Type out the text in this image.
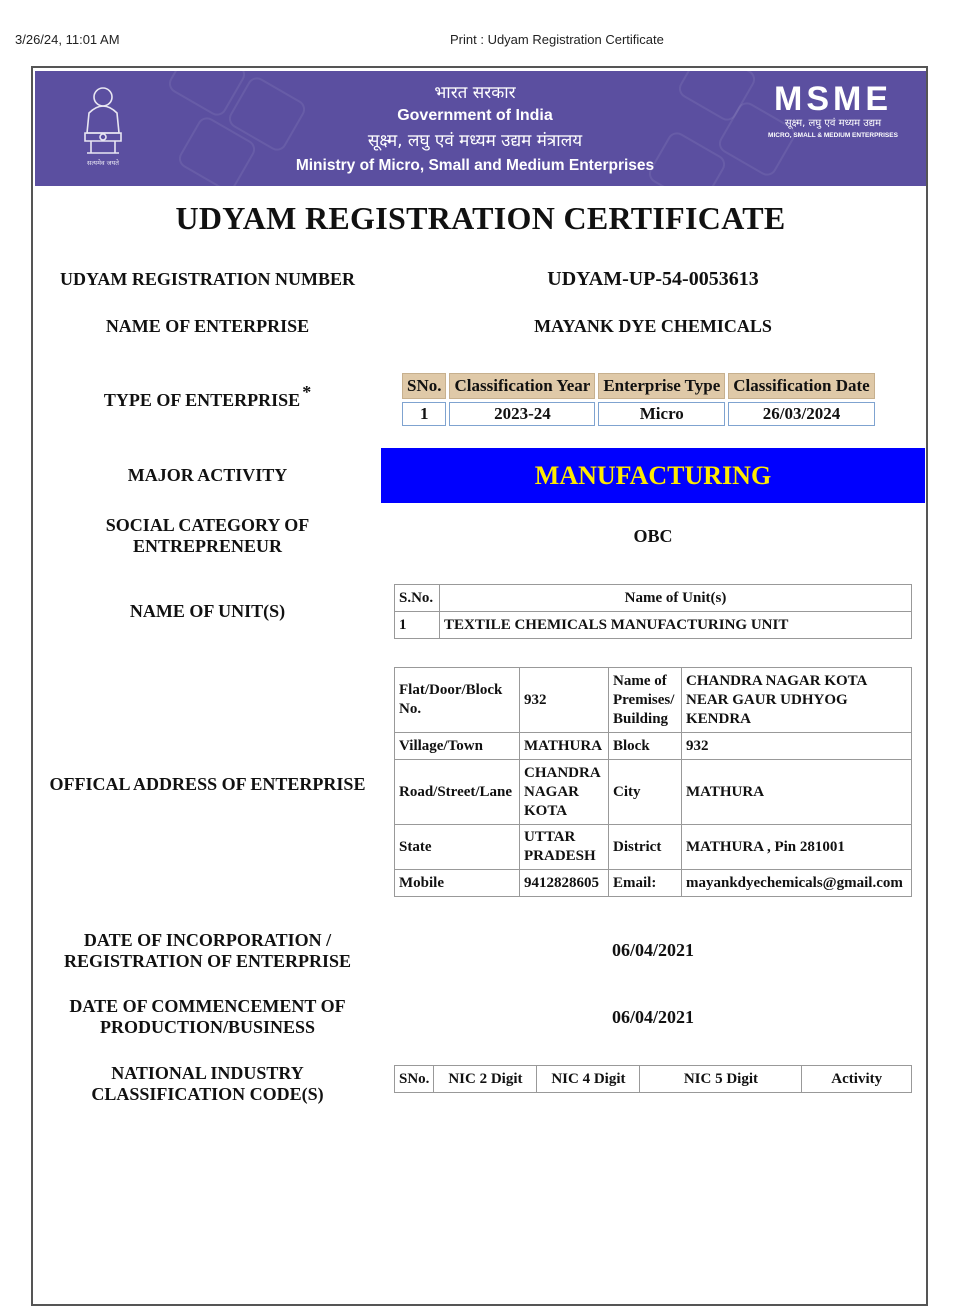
3/26/24, 11:01 AM	Print : Udyam Registration Certificate
सत्यमेव जयते
भारत सरकार
Government of India
सूक्ष्म, लघु एवं मध्यम उद्यम मंत्रालय
Ministry of Micro, Small and Medium Enterprises
MSME
सूक्ष्म, लघु एवं मध्यम उद्यम
MICRO, SMALL & MEDIUM ENTERPRISES
UDYAM REGISTRATION CERTIFICATE
UDYAM REGISTRATION NUMBER	UDYAM-UP-54-0053613
NAME OF ENTERPRISE	MAYANK DYE CHEMICALS
TYPE OF ENTERPRISE *	SNo.	Classification Year	Enterprise Type	Classification Date
1	2023-24	Micro	26/03/2024
MAJOR ACTIVITY	MANUFACTURING
SOCIAL CATEGORY OF
ENTREPRENEUR	OBC
NAME OF UNIT(S)
S.No.	Name of Unit(s)
1	TEXTILE CHEMICALS MANUFACTURING UNIT
OFFICAL ADDRESS OF ENTERPRISE
Flat/Door/Block No.	932	Name of Premises/ Building	CHANDRA NAGAR KOTA NEAR GAUR UDHYOG KENDRA
Village/Town	MATHURA	Block	932
Road/Street/Lane	CHANDRA NAGAR KOTA	City	MATHURA
State	UTTAR PRADESH	District	MATHURA , Pin 281001
Mobile	9412828605	Email:	mayankdyechemicals@gmail.com
DATE OF INCORPORATION /
REGISTRATION OF ENTERPRISE
06/04/2021
DATE OF COMMENCEMENT OF
PRODUCTION/BUSINESS	06/04/2021
NATIONAL INDUSTRY
CLASSIFICATION CODE(S)
SNo.	NIC 2 Digit	NIC 4 Digit	NIC 5 Digit	Activity
